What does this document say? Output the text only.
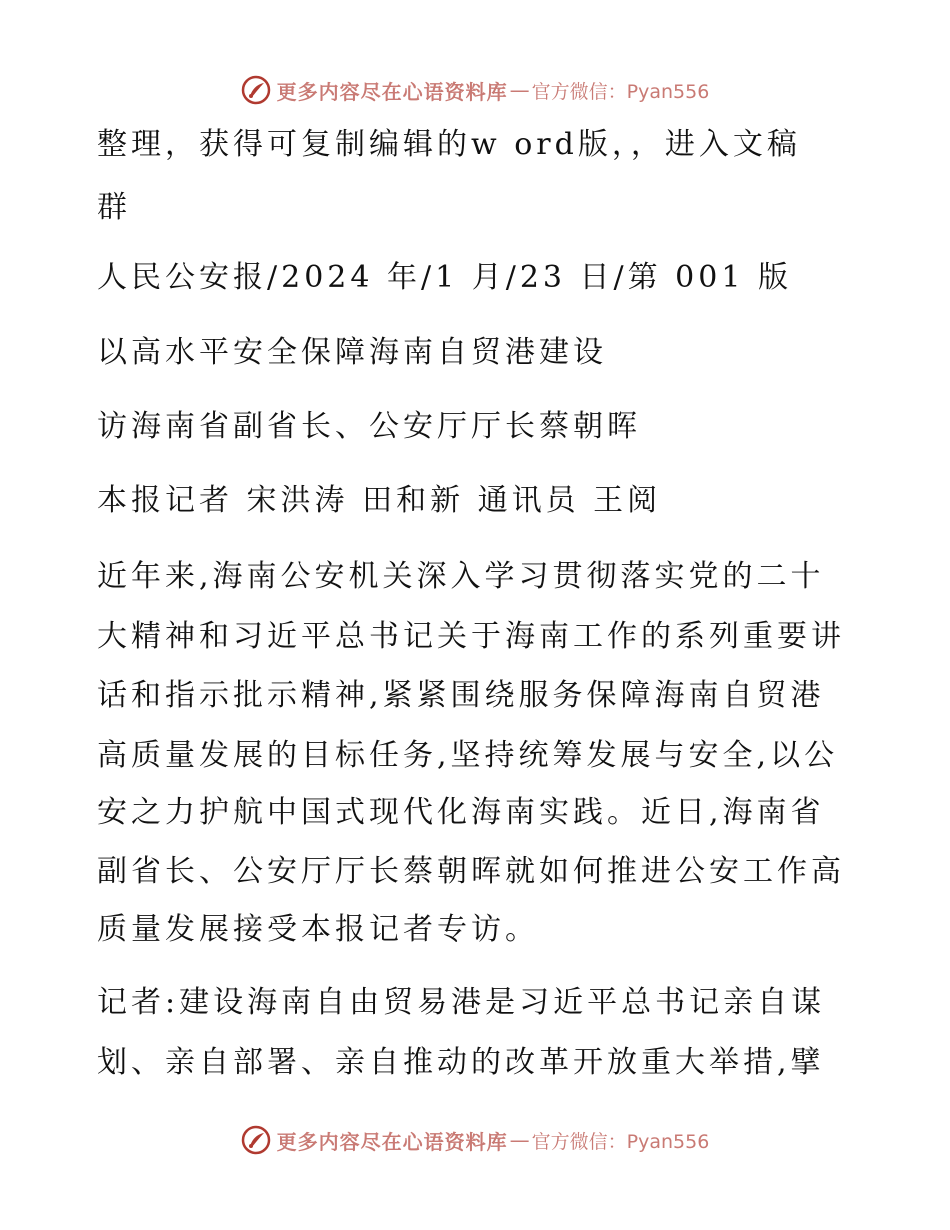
更多内容尽在心语资料库 — 官方微信：Pyan556
整理，获得可复制编辑的w ord版，，进入文稿
群
人民公安报/2024 年/1 月/23 日/第 001 版
以高水平安全保障海南自贸港建设
访海南省副省长、公安厅厅长蔡朝晖
本报记者 宋洪涛 田和新 通讯员 王阅
近年来,海南公安机关深入学习贯彻落实党的二十
大精神和习近平总书记关于海南工作的系列重要讲
话和指示批示精神,紧紧围绕服务保障海南自贸港
高质量发展的目标任务,坚持统筹发展与安全,以公
安之力护航中国式现代化海南实践。近日,海南省
副省长、公安厅厅长蔡朝晖就如何推进公安工作高
质量发展接受本报记者专访。
记者:建设海南自由贸易港是习近平总书记亲自谋
划、亲自部署、亲自推动的改革开放重大举措,擘
更多内容尽在心语资料库 — 官方微信：Pyan556
